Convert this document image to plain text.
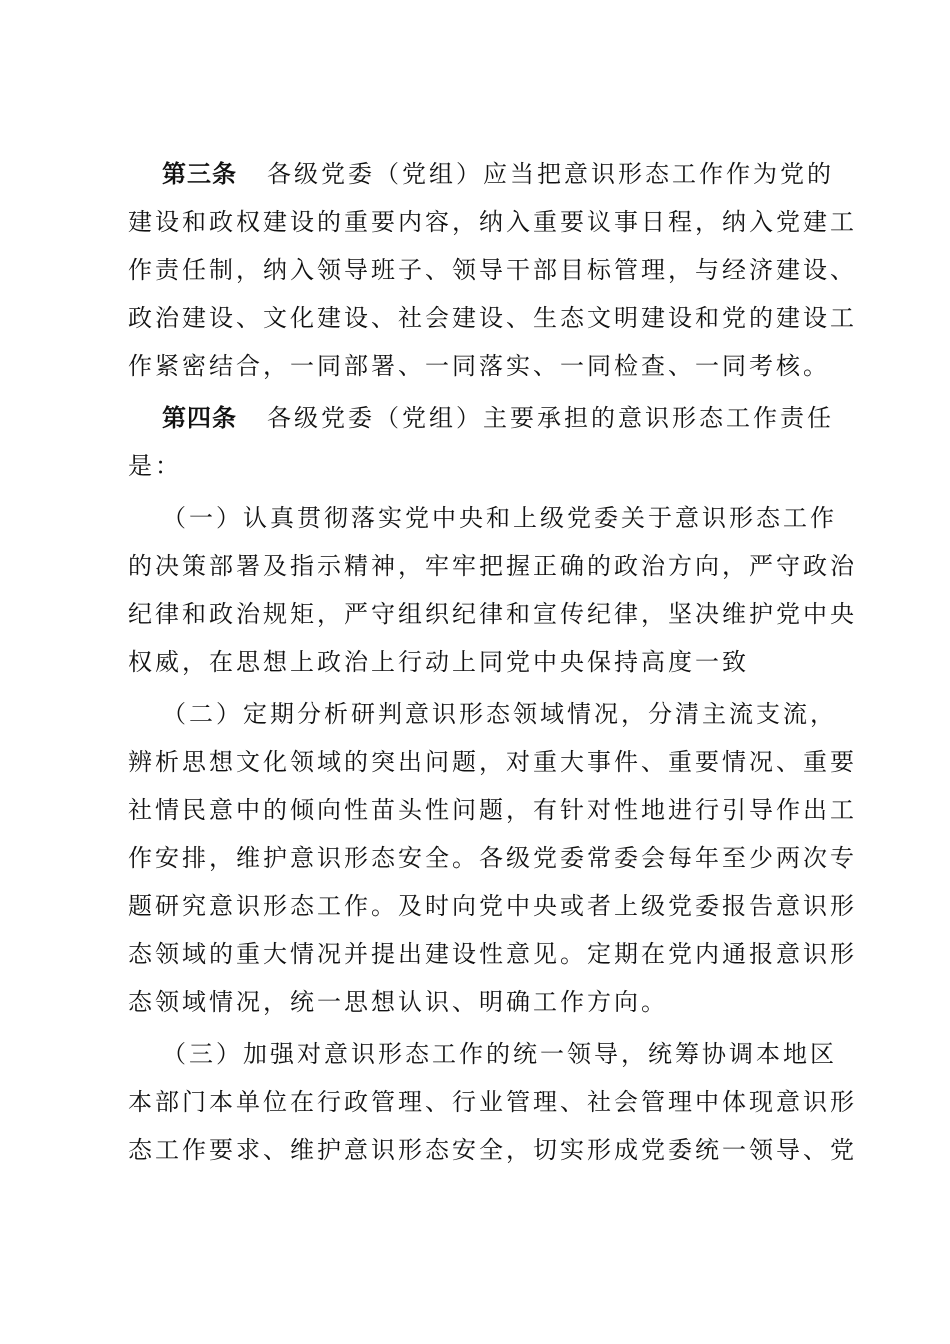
第三条 各级党委（党组）应当把意识形态工作作为党的
建设和政权建设的重要内容，纳入重要议事日程，纳入党建工
作责任制，纳入领导班子、领导干部目标管理，与经济建设、
政治建设、文化建设、社会建设、生态文明建设和党的建设工
作紧密结合，一同部署、一同落实、一同检查、一同考核。
第四条 各级党委（党组）主要承担的意识形态工作责任
是：
（一）认真贯彻落实党中央和上级党委关于意识形态工作
的决策部署及指示精神，牢牢把握正确的政治方向，严守政治
纪律和政治规矩，严守组织纪律和宣传纪律，坚决维护党中央
权威，在思想上政治上行动上同党中央保持高度一致
（二）定期分析研判意识形态领域情况，分清主流支流，
辨析思想文化领域的突出问题，对重大事件、重要情况、重要
社情民意中的倾向性苗头性问题，有针对性地进行引导作出工
作安排，维护意识形态安全。各级党委常委会每年至少两次专
题研究意识形态工作。及时向党中央或者上级党委报告意识形
态领域的重大情况并提出建设性意见。定期在党内通报意识形
态领域情况，统一思想认识、明确工作方向。
（三）加强对意识形态工作的统一领导，统筹协调本地区
本部门本单位在行政管理、行业管理、社会管理中体现意识形
态工作要求、维护意识形态安全，切实形成党委统一领导、党
